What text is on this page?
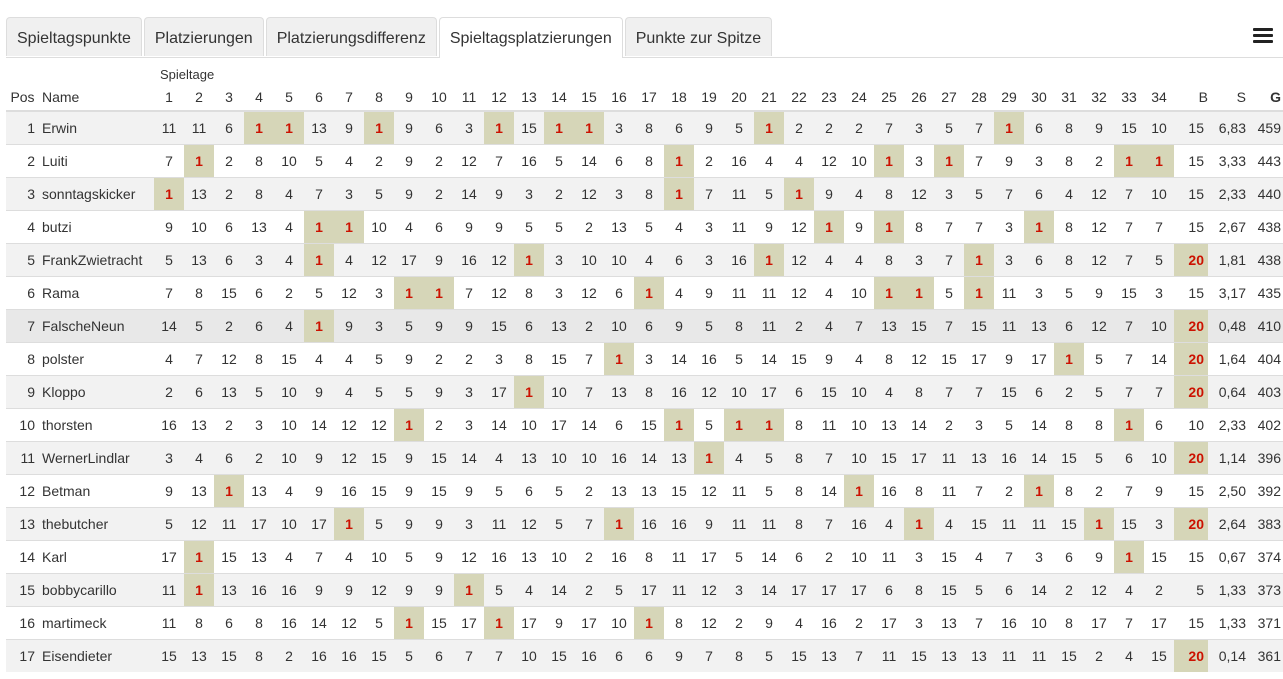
Spieltagspunkte	Platzierungen	Platzierungsdifferenz	Spieltagsplatzierungen	Punkte zur Spitze
Spieltage
Pos	Name	1	2	3	4	5	6	7	8	9	10	11	12	13	14	15	16	17	18	19	20	21	22	23	24	25	26	27	28	29	30	31	32	33	34	B	S	G
1	Erwin	11	11	6	1	1	13	9	1	9	6	3	1	15	1	1	3	8	6	9	5	1	2	2	2	7	3	5	7	1	6	8	9	15	10	15	6,83	459
2	Luiti	7	1	2	8	10	5	4	2	9	2	12	7	16	5	14	6	8	1	2	16	4	4	12	10	1	3	1	7	9	3	8	2	1	1	15	3,33	443
3	sonntagskicker	1	13	2	8	4	7	3	5	9	2	14	9	3	2	12	3	8	1	7	11	5	1	9	4	8	12	3	5	7	6	4	12	7	10	15	2,33	440
4	butzi	9	10	6	13	4	1	1	10	4	6	9	9	5	5	2	13	5	4	3	11	9	12	1	9	1	8	7	7	3	1	8	12	7	7	15	2,67	438
5	FrankZwietracht	5	13	6	3	4	1	4	12	17	9	16	12	1	3	10	10	4	6	3	16	1	12	4	4	8	3	7	1	3	6	8	12	7	5	20	1,81	438
6	Rama	7	8	15	6	2	5	12	3	1	1	7	12	8	3	12	6	1	4	9	11	11	12	4	10	1	1	5	1	11	3	5	9	15	3	15	3,17	435
7	FalscheNeun	14	5	2	6	4	1	9	3	5	9	9	15	6	13	2	10	6	9	5	8	11	2	4	7	13	15	7	15	11	13	6	12	7	10	20	0,48	410
8	polster	4	7	12	8	15	4	4	5	9	2	2	3	8	15	7	1	3	14	16	5	14	15	9	4	8	12	15	17	9	17	1	5	7	14	20	1,64	404
9	Kloppo	2	6	13	5	10	9	4	5	5	9	3	17	1	10	7	13	8	16	12	10	17	6	15	10	4	8	7	7	15	6	2	5	7	7	20	0,64	403
10	thorsten	16	13	2	3	10	14	12	12	1	2	3	14	10	17	14	6	15	1	5	1	1	8	11	10	13	14	2	3	5	14	8	8	1	6	10	2,33	402
11	WernerLindlar	3	4	6	2	10	9	12	15	9	15	14	4	13	10	10	16	14	13	1	4	5	8	7	10	15	17	11	13	16	14	15	5	6	10	20	1,14	396
12	Betman	9	13	1	13	4	9	16	15	9	15	9	5	6	5	2	13	13	15	12	11	5	8	14	1	16	8	11	7	2	1	8	2	7	9	15	2,50	392
13	thebutcher	5	12	11	17	10	17	1	5	9	9	3	11	12	5	7	1	16	16	9	11	11	8	7	16	4	1	4	15	11	11	15	1	15	3	20	2,64	383
14	Karl	17	1	15	13	4	7	4	10	5	9	12	16	13	10	2	16	8	11	17	5	14	6	2	10	11	3	15	4	7	3	6	9	1	15	15	0,67	374
15	bobbycarillo	11	1	13	16	16	9	9	12	9	9	1	5	4	14	2	5	17	11	12	3	14	17	17	17	6	8	15	5	6	14	2	12	4	2	5	1,33	373
16	martimeck	11	8	6	8	16	14	12	5	1	15	17	1	17	9	17	10	1	8	12	2	9	4	16	2	17	3	13	7	16	10	8	17	7	17	15	1,33	371
17	Eisendieter	15	13	15	8	2	16	16	15	5	6	7	7	10	15	16	6	6	9	7	8	5	15	13	7	11	15	13	13	11	11	15	2	4	15	20	0,14	361
